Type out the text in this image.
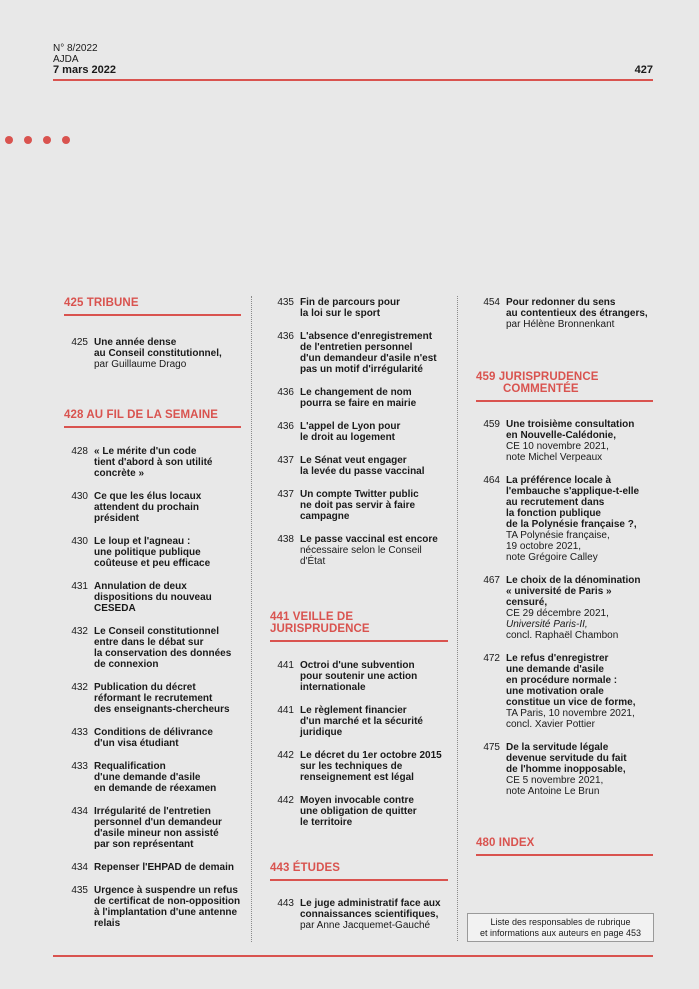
N° 8/2022
AJDA
7 mars 2022	427
425 TRIBUNE
425 Une année dense
au Conseil constitutionnel,
par Guillaume Drago
428 AU FIL DE LA SEMAINE
428 « Le mérite d'un code
tient d'abord à son utilité
concrète »
430 Ce que les élus locaux
attendent du prochain
président
430 Le loup et l'agneau :
une politique publique
coûteuse et peu efficace
431 Annulation de deux
dispositions du nouveau
CESEDA
432 Le Conseil constitutionnel
entre dans le débat sur
la conservation des données
de connexion
432 Publication du décret
réformant le recrutement
des enseignants-chercheurs
433 Conditions de délivrance
d'un visa étudiant
433 Requalification
d'une demande d'asile
en demande de réexamen
434 Irrégularité de l'entretien
personnel d'un demandeur
d'asile mineur non assisté
par son représentant
434 Repenser l'EHPAD de demain
435 Urgence à suspendre un refus
de certificat de non-opposition
à l'implantation d'une antenne
relais
435 Fin de parcours pour
la loi sur le sport
436 L'absence d'enregistrement
de l'entretien personnel
d'un demandeur d'asile n'est
pas un motif d'irrégularité
436 Le changement de nom
pourra se faire en mairie
436 L'appel de Lyon pour
le droit au logement
437 Le Sénat veut engager
la levée du passe vaccinal
437 Un compte Twitter public
ne doit pas servir à faire
campagne
438 Le passe vaccinal est encore
nécessaire selon le Conseil
d'État
441 VEILLE DE JURISPRUDENCE
441 Octroi d'une subvention
pour soutenir une action
internationale
441 Le règlement financier
d'un marché et la sécurité
juridique
442 Le décret du 1er octobre 2015
sur les techniques de
renseignement est légal
442 Moyen invocable contre
une obligation de quitter
le territoire
443 ÉTUDES
443 Le juge administratif face aux
connaissances scientifiques,
par Anne Jacquemet-Gauché
454 Pour redonner du sens
au contentieux des étrangers,
par Hélène Bronnenkant
459 JURISPRUDENCE
COMMENTÉE
459 Une troisième consultation
en Nouvelle-Calédonie,
CE 10 novembre 2021,
note Michel Verpeaux
464 La préférence locale à
l'embauche s'applique-t-elle
au recrutement dans
la fonction publique
de la Polynésie française ?,
TA Polynésie française,
19 octobre 2021,
note Grégoire Calley
467 Le choix de la dénomination
« université de Paris »
censuré,
CE 29 décembre 2021,
Université Paris-II,
concl. Raphaël Chambon
472 Le refus d'enregistrer
une demande d'asile
en procédure normale :
une motivation orale
constitue un vice de forme,
TA Paris, 10 novembre 2021,
concl. Xavier Pottier
475 De la servitude légale
devenue servitude du fait
de l'homme inopposable,
CE 5 novembre 2021,
note Antoine Le Brun
480 INDEX
Liste des responsables de rubrique
et informations aux auteurs en page 453
